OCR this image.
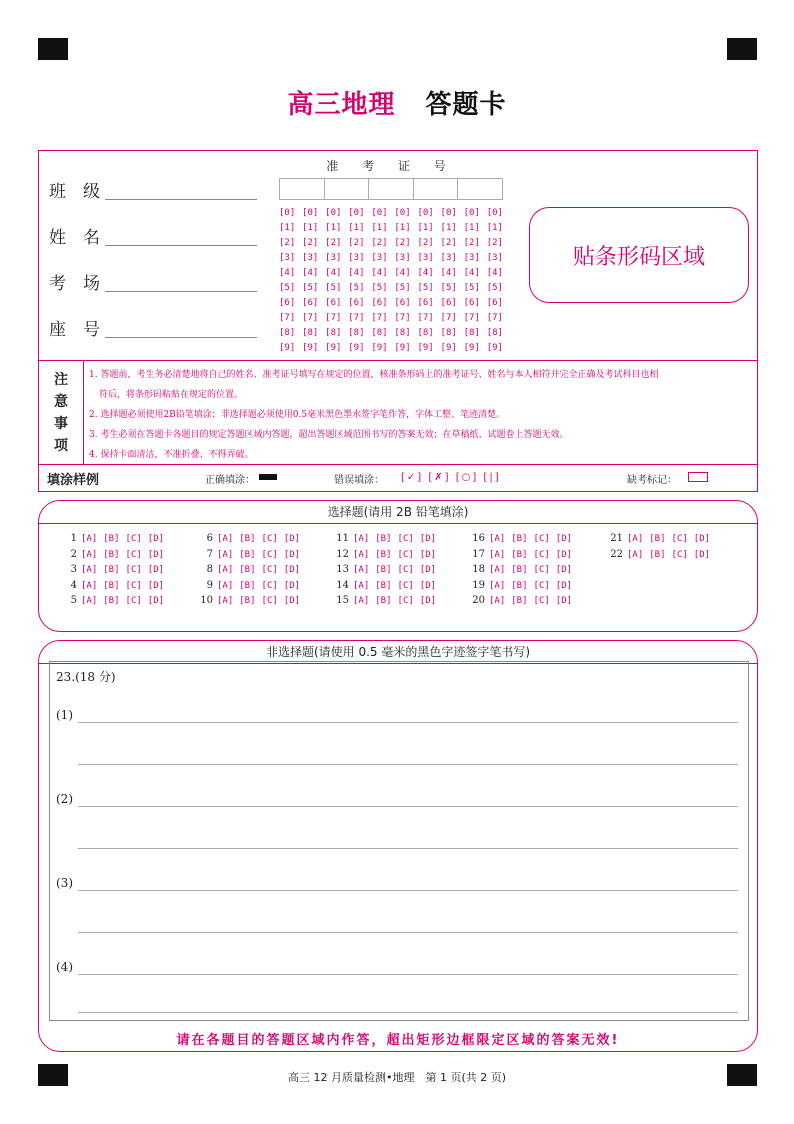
高三地理 答题卡
班　级
姓　名
考　场
座　号
准 考 证 号
[0] [0] [0] [0] [0] [0] [0] [0] [0] [0]
[1] [1] [1] [1] [1] [1] [1] [1] [1] [1]
[2] [2] [2] [2] [2] [2] [2] [2] [2] [2]
[3] [3] [3] [3] [3] [3] [3] [3] [3] [3]
[4] [4] [4] [4] [4] [4] [4] [4] [4] [4]
[5] [5] [5] [5] [5] [5] [5] [5] [5] [5]
[6] [6] [6] [6] [6] [6] [6] [6] [6] [6]
[7] [7] [7] [7] [7] [7] [7] [7] [7] [7]
[8] [8] [8] [8] [8] [8] [8] [8] [8] [8]
[9] [9] [9] [9] [9] [9] [9] [9] [9] [9]
贴条形码区域
注
意
事
项
1. 答题前，考生务必清楚地将自己的姓名、准考证号填写在规定的位置，核准条形码上的准考证号、姓名与本人相符并完全正确及考试科目也相
符后，将条形码粘贴在规定的位置。
2. 选择题必须使用2B铅笔填涂；非选择题必须使用0.5毫米黑色墨水签字笔作答，字体工整、笔迹清楚。
3. 考生必须在答题卡各题目的规定答题区域内答题，超出答题区域范围书写的答案无效；在草稿纸、试题卷上答题无效。
4. 保持卡面清洁，不准折叠、不得弄破。
填涂样例	正确填涂：	错误填涂： [✓] [✗] [○] [|]	缺考标记：
选择题(请用 2B 铅笔填涂)
1 [A] [B] [C] [D]
2 [A] [B] [C] [D]
3 [A] [B] [C] [D]
4 [A] [B] [C] [D]
5 [A] [B] [C] [D]
6 [A] [B] [C] [D]
7 [A] [B] [C] [D]
8 [A] [B] [C] [D]
9 [A] [B] [C] [D]
10 [A] [B] [C] [D]
11 [A] [B] [C] [D]
12 [A] [B] [C] [D]
13 [A] [B] [C] [D]
14 [A] [B] [C] [D]
15 [A] [B] [C] [D]
16 [A] [B] [C] [D]
17 [A] [B] [C] [D]
18 [A] [B] [C] [D]
19 [A] [B] [C] [D]
20 [A] [B] [C] [D]
21 [A] [B] [C] [D]
22 [A] [B] [C] [D]
非选择题(请使用 0.5 毫米的黑色字迹签字笔书写)
23.(18 分)
(1)
(2)
(3)
(4)
请在各题目的答题区域内作答，超出矩形边框限定区域的答案无效!
高三 12 月质量检测•地理　第 1 页(共 2 页)
